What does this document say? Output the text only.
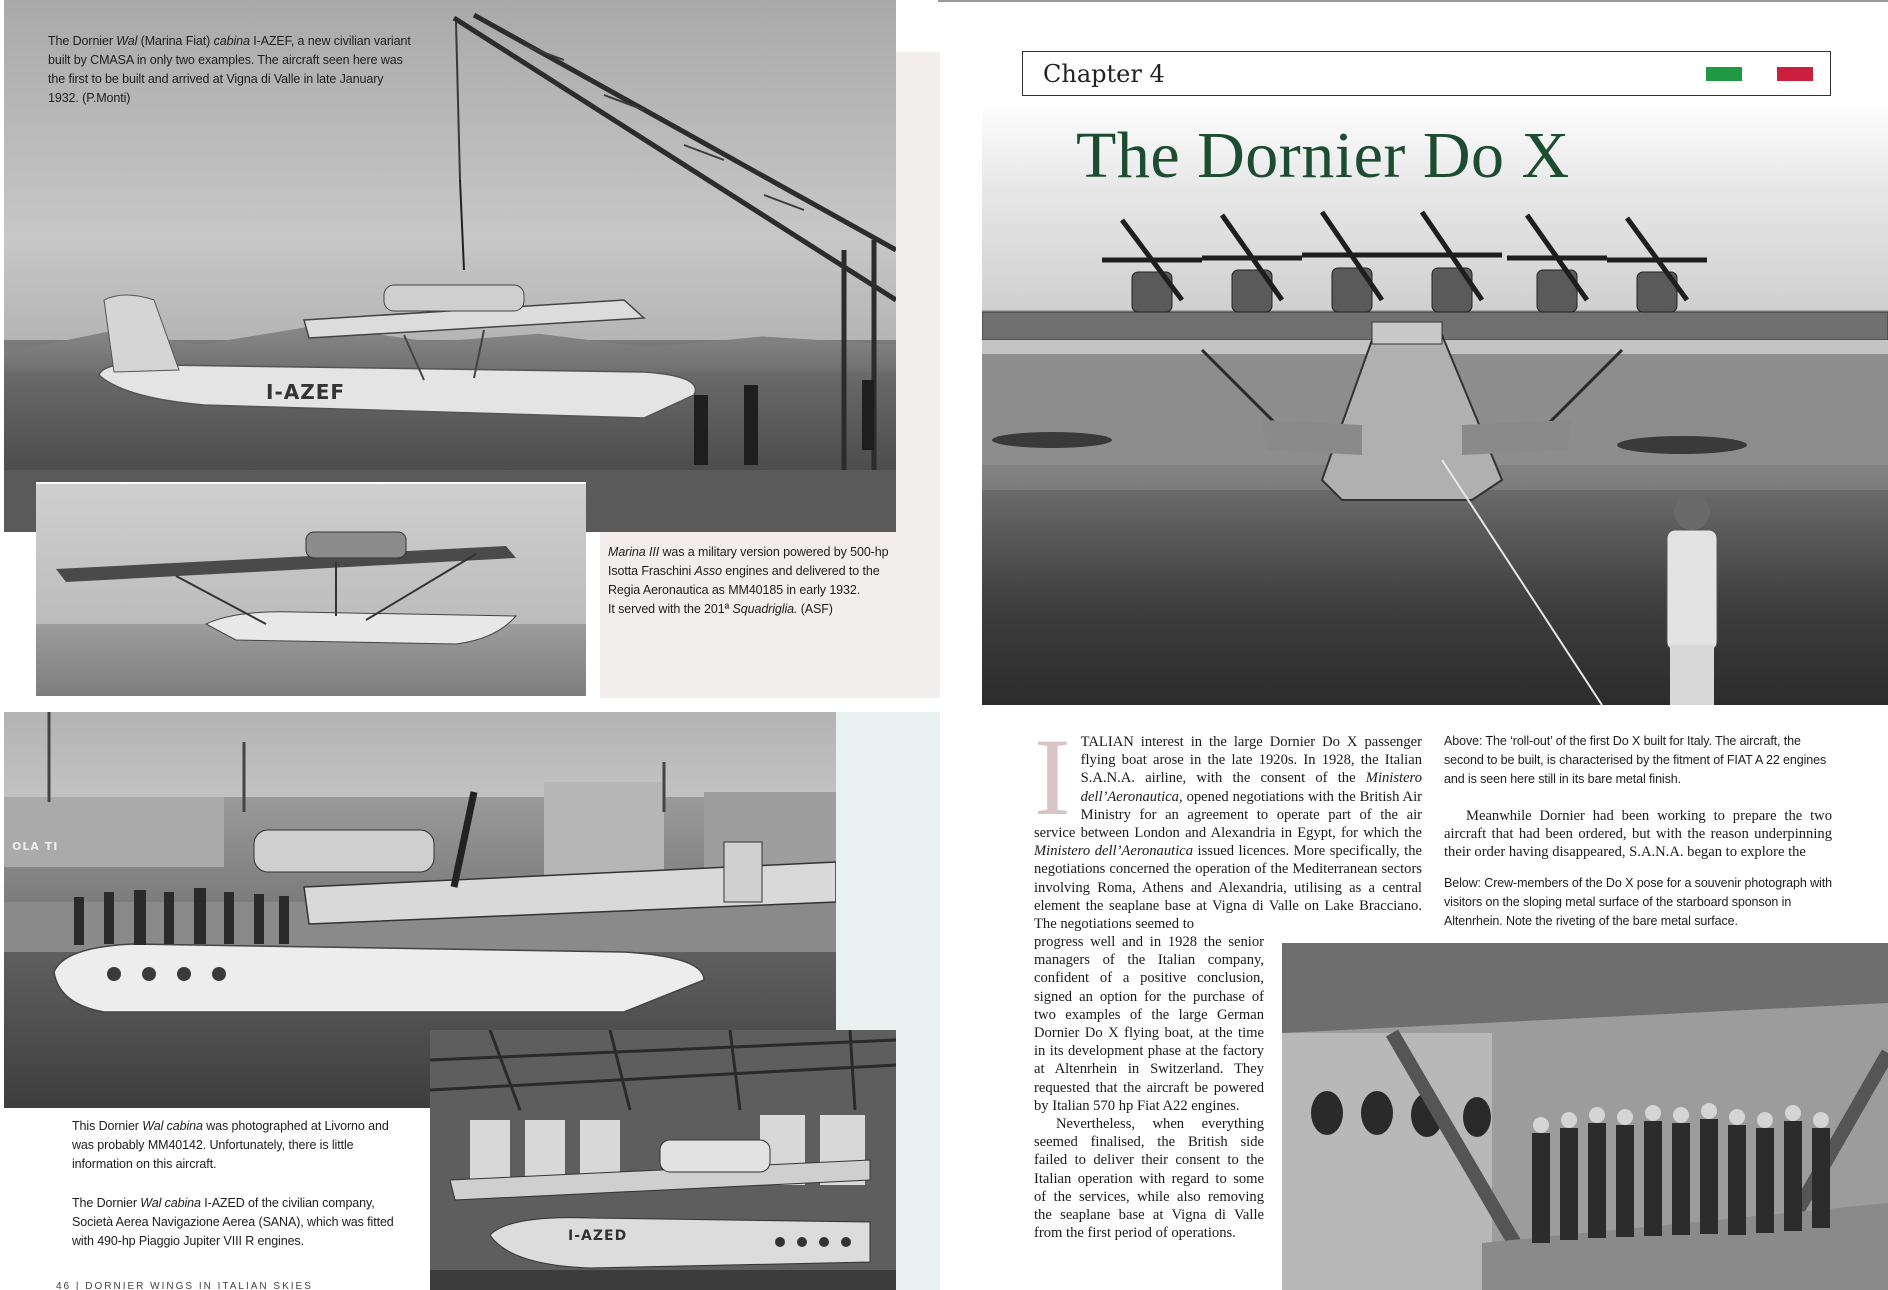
I-AZEF
The Dornier Wal (Marina Fiat) cabina I-AZEF, a new civilian variant
built by CMASA in only two examples. The aircraft seen here was
the first to be built and arrived at Vigna di Valle in late January
1932. (P.Monti)
Marina III was a military version powered by 500-hp
Isotta Fraschini Asso engines and delivered to the
Regia Aeronautica as MM40185 in early 1932.
It served with the 201ª Squadriglia. (ASF)
OLA TI
This Dornier Wal cabina was photographed at Livorno and
was probably MM40142. Unfortunately, there is little
information on this aircraft.
The Dornier Wal cabina I-AZED of the civilian company,
Società Aerea Navigazione Aerea (SANA), which was fitted
with 490-hp Piaggio Jupiter VIII R engines.	I-AZED
46 | DORNIER WINGS IN ITALIAN SKIES
Chapter 4
The Dornier Do X
ITALIAN interest in the large Dornier Do X passenger flying boat arose in the late 1920s. In 1928, the Italian S.A.N.A. airline, with the consent of the Ministero dell’Aeronautica, opened negotiations with the British Air Ministry for an agreement to operate part of the air service between London and Alexandria in Egypt, for which the Ministero dell’Aeronautica issued licences. More specifically, the negotiations concerned the operation of the Mediterranean sectors involving Roma, Athens and Alexandria, utilising as a central element the seaplane base at Vigna di Valle on Lake Bracciano. The negotiations seemed to

progress well and in 1928 the senior managers of the Italian company, confident of a positive conclusion, signed an option for the purchase of two examples of the large German Dornier Do X flying boat, at the time in its development phase at the factory at Altenrhein in Switzerland. They requested that the aircraft be powered by Italian 570 hp Fiat A22 engines.

Nevertheless, when everything seemed finalised, the British side failed to deliver their consent to the Italian operation with regard to some of the services, while also removing the seaplane base at Vigna di Valle from the first period of operations.

Above: The ‘roll-out’ of the first Do X built for Italy. The aircraft, the second to be built, is characterised by the fitment of FIAT A 22 engines and is seen here still in its bare metal finish.
Meanwhile Dornier had been working to prepare the two aircraft that had been ordered, but with the reason underpinning their order having disappeared, S.A.N.A. began to explore the
Below: Crew-members of the Do X pose for a souvenir photograph with visitors on the sloping metal surface of the starboard sponson in Altenrhein. Note the riveting of the bare metal surface.
